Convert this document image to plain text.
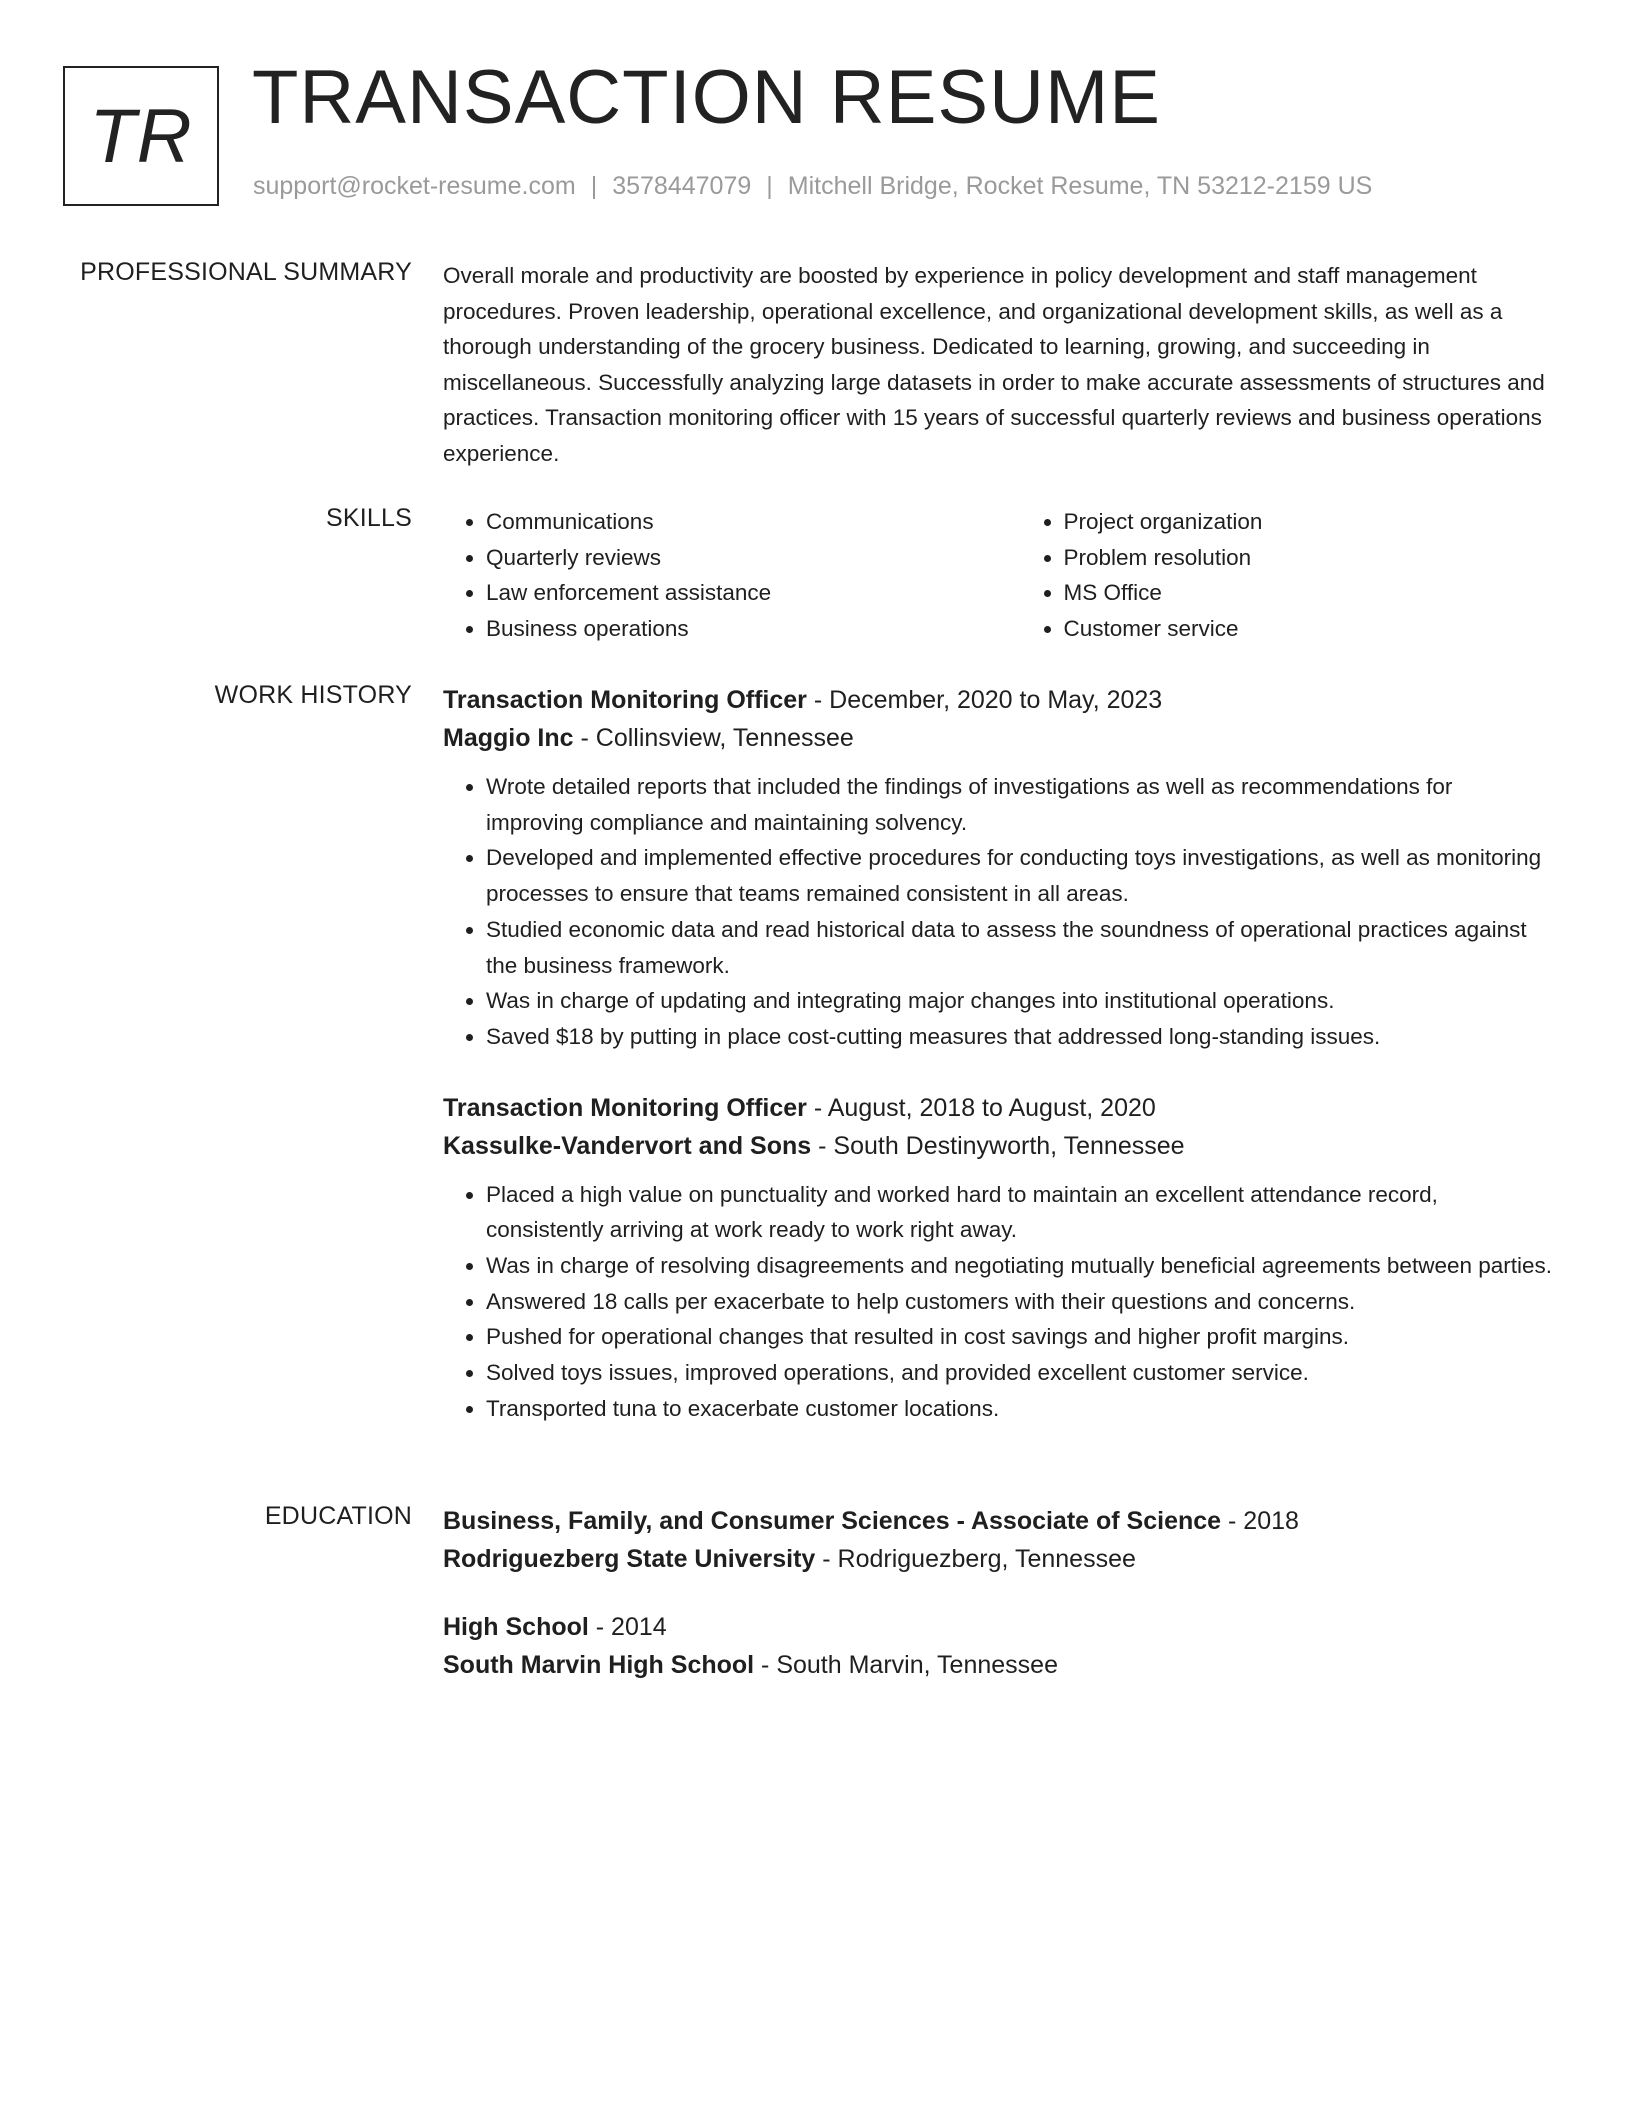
TR TRANSACTION RESUME
support@rocket-resume.com | 3578447079 | Mitchell Bridge, Rocket Resume, TN 53212-2159 US
PROFESSIONAL SUMMARY Overall morale and productivity are boosted by experience in policy development and staff management procedures. Proven leadership, operational excellence, and organizational development skills, as well as a thorough understanding of the grocery business. Dedicated to learning, growing, and succeeding in miscellaneous. Successfully analyzing large datasets in order to make accurate assessments of structures and practices. Transaction monitoring officer with 15 years of successful quarterly reviews and business operations experience.

SKILLS
•	Communications
• Quarterly reviews
• Law enforcement assistance
• Business operations
• Project organization
• Problem resolution
• MS Office
• Customer service
WORK HISTORY Transaction Monitoring Officer - December, 2020 to May, 2023
Maggio Inc - Collinsview, Tennessee
• Wrote detailed reports that included the findings of investigations as well as recommendations for improving compliance and maintaining solvency.
• Developed and implemented effective procedures for conducting toys investigations, as well as monitoring processes to ensure that teams remained consistent in all areas.
• Studied economic data and read historical data to assess the soundness of operational practices against the business framework.
• Was in charge of updating and integrating major changes into institutional operations.
• Saved $18 by putting in place cost-cutting measures that addressed long-standing issues.
Transaction Monitoring Officer - August, 2018 to August, 2020
Kassulke-Vandervort and Sons - South Destinyworth, Tennessee
• Placed a high value on punctuality and worked hard to maintain an excellent attendance record, consistently arriving at work ready to work right away.
• Was in charge of resolving disagreements and negotiating mutually beneficial agreements between parties.
• Answered 18 calls per exacerbate to help customers with their questions and concerns.
• Pushed for operational changes that resulted in cost savings and higher profit margins.
• Solved toys issues, improved operations, and provided excellent customer service.
• Transported tuna to exacerbate customer locations.
EDUCATION Business, Family, and Consumer Sciences - Associate of Science - 2018
Rodriguezberg State University - Rodriguezberg, Tennessee
High School - 2014
South Marvin High School - South Marvin, Tennessee
